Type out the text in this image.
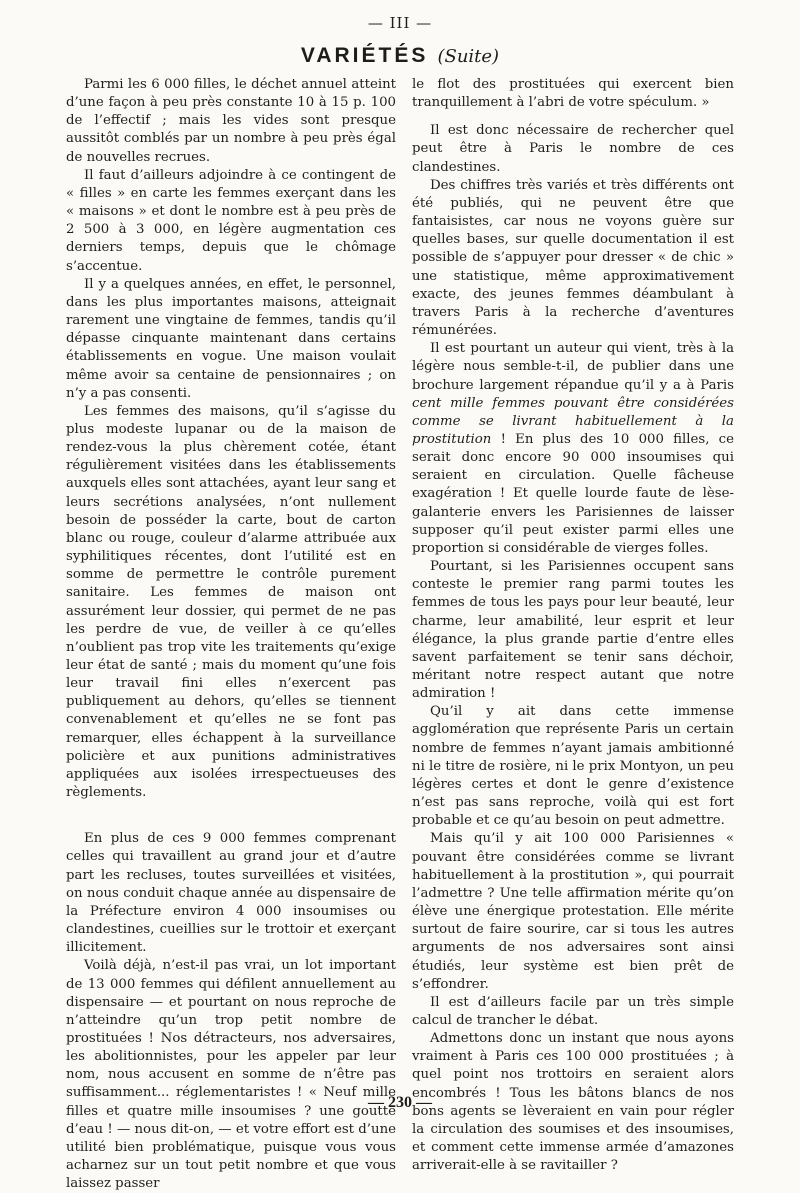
— III —
VARIÉTÉS (Suite)

Parmi les 6 000 filles, le déchet annuel atteint d’une façon à peu près constante 10 à 15 p. 100 de l’effectif ; mais les vides sont presque aussitôt comblés par un nombre à peu près égal de nouvelles recrues.

Il faut d’ailleurs adjoindre à ce contingent de « filles » en carte les femmes exerçant dans les « maisons » et dont le nombre est à peu près de 2 500 à 3 000, en légère augmentation ces derniers temps, depuis que le chômage s’accentue.

Il y a quelques années, en effet, le personnel, dans les plus importantes maisons, atteignait rarement une vingtaine de femmes, tandis qu’il dépasse cinquante maintenant dans certains établissements en vogue. Une maison voulait même avoir sa centaine de pensionnaires ; on n’y a pas consenti.

Les femmes des maisons, qu’il s’agisse du plus modeste lupanar ou de la maison de rendez-vous la plus chèrement cotée, étant régulièrement visitées dans les établissements auxquels elles sont attachées, ayant leur sang et leurs secrétions analysées, n’ont nullement besoin de posséder la carte, bout de carton blanc ou rouge, couleur d’alarme attribuée aux syphilitiques récentes, dont l’utilité est en somme de permettre le contrôle purement sanitaire. Les femmes de maison ont assurément leur dossier, qui permet de ne pas les perdre de vue, de veiller à ce qu’elles n’oublient pas trop vite les traitements qu’exige leur état de santé ; mais du moment qu’une fois leur travail fini elles n’exercent pas publiquement au dehors, qu’elles se tiennent convenablement et qu’elles ne se font pas remarquer, elles échappent à la surveillance policière et aux punitions administratives appliquées aux isolées irrespectueuses des règlements.

En plus de ces 9 000 femmes comprenant celles qui travaillent au grand jour et d’autre part les recluses, toutes surveillées et visitées, on nous conduit chaque année au dispensaire de la Préfecture environ 4 000 insoumises ou clandestines, cueillies sur le trottoir et exerçant illicitement.

Voilà déjà, n’est-il pas vrai, un lot important de 13 000 femmes qui défilent annuellement au dispensaire — et pourtant on nous reproche de n’atteindre qu’un trop petit nombre de prostituées ! Nos détracteurs, nos adversaires, les abolitionnistes, pour les appeler par leur nom, nous accusent en somme de n’être pas suffisamment... réglementaristes ! « Neuf mille filles et quatre mille insoumises ? une goutte d’eau ! — nous dit-on, — et votre effort est d’une utilité bien problématique, puisque vous vous acharnez sur un tout petit nombre et que vous laissez passer

le flot des prostituées qui exercent bien tranquillement à l’abri de votre spéculum. »

Il est donc nécessaire de rechercher quel peut être à Paris le nombre de ces clandestines.

Des chiffres très variés et très différents ont été publiés, qui ne peuvent être que fantaisistes, car nous ne voyons guère sur quelles bases, sur quelle documentation il est possible de s’appuyer pour dresser « de chic » une statistique, même approximativement exacte, des jeunes femmes déambulant à travers Paris à la recherche d’aventures rémunérées.

Il est pourtant un auteur qui vient, très à la légère nous semble-t-il, de publier dans une brochure largement répandue qu’il y a à Paris cent mille femmes pouvant être considérées comme se livrant habituellement à la prostitution ! En plus des 10 000 filles, ce serait donc encore 90 000 insoumises qui seraient en circulation. Quelle fâcheuse exagération ! Et quelle lourde faute de lèse-galanterie envers les Parisiennes de laisser supposer qu’il peut exister parmi elles une proportion si considérable de vierges folles.

Pourtant, si les Parisiennes occupent sans conteste le premier rang parmi toutes les femmes de tous les pays pour leur beauté, leur charme, leur amabilité, leur esprit et leur élégance, la plus grande partie d’entre elles savent parfaitement se tenir sans déchoir, méritant notre respect autant que notre admiration !

Qu’il y ait dans cette immense agglomération que représente Paris un certain nombre de femmes n’ayant jamais ambitionné ni le titre de rosière, ni le prix Montyon, un peu légères certes et dont le genre d’existence n’est pas sans reproche, voilà qui est fort probable et ce qu’au besoin on peut admettre.

Mais qu’il y ait 100 000 Parisiennes « pouvant être considérées comme se livrant habituellement à la prostitution », qui pourrait l’admettre ? Une telle affirmation mérite qu’on élève une énergique protestation. Elle mérite surtout de faire sourire, car si tous les autres arguments de nos adversaires sont ainsi étudiés, leur système est bien prêt de s’effondrer.

Il est d’ailleurs facile par un très simple calcul de trancher le débat.

Admettons donc un instant que nous ayons vraiment à Paris ces 100 000 prostituées ; à quel point nos trottoirs en seraient alors encombrés ! Tous les bâtons blancs de nos bons agents se lèveraient en vain pour régler la circulation des soumises et des insoumises, et comment cette immense armée d’amazones arriverait-elle à se ravitailler ?

— 230 —
